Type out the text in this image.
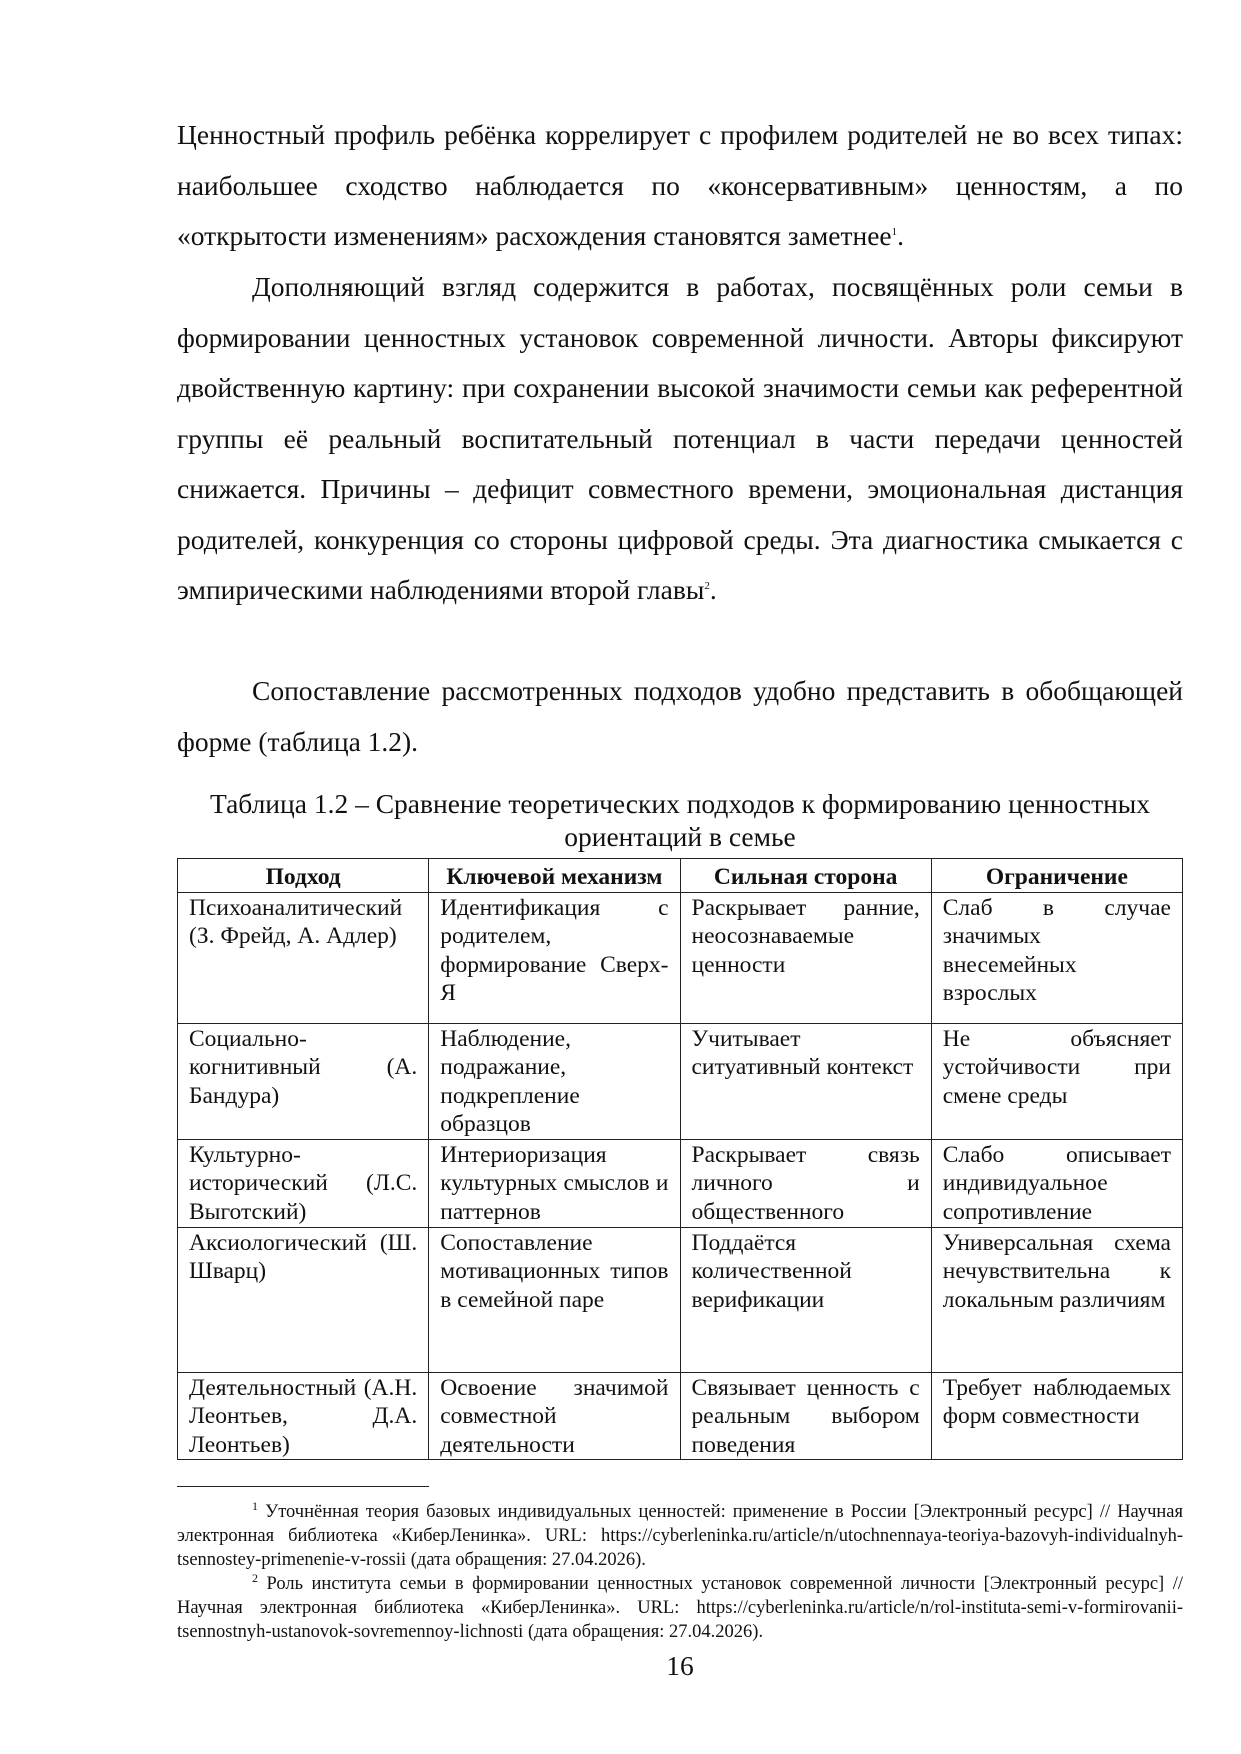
Ценностный профиль ребёнка коррелирует с профилем родителей не во всех типах: наибольшее сходство наблюдается по «консервативным» ценностям, а по «открытости изменениям» расхождения становятся заметнее$^1$.

Дополняющий взгляд содержится в работах, посвящённых роли семьи в формировании ценностных установок современной личности. Авторы фиксируют двойственную картину: при сохранении высокой значимости семьи как референтной группы её реальный воспитательный потенциал в части передачи ценностей снижается. Причины – дефицит совместного времени, эмоциональная дистанция родителей, конкуренция со стороны цифровой среды. Эта диагностика смыкается с эмпирическими наблюдениями второй главы$^2$.

Сопоставление рассмотренных подходов удобно представить в обобщающей форме (таблица 1.2).

Таблица 1.2 – Сравнение теоретических подходов к формированию ценностных ориентаций в семье
Подход	Ключевой механизм	Сильная сторона	Ограничение
Психоаналитический (З. Фрейд, А. Адлер)	Идентификация с родителем, формирование Сверх-Я	Раскрывает ранние, неосознаваемые ценности	Слаб в случае значимых внесемейных взрослых
Социально-когнитивный (А. Бандура)	Наблюдение, подражание, подкрепление образцов	Учитывает ситуативный контекст	Не объясняет устойчивости при смене среды
Культурно-исторический (Л.С. Выготский)	Интериоризация культурных смыслов и паттернов	Раскрывает связь личного и общественного	Слабо описывает индивидуальное сопротивление
Аксиологический (Ш. Шварц)	Сопоставление мотивационных типов в семейной паре	Поддаётся количественной верификации	Универсальная схема нечувствительна к локальным различиям
Деятельностный (А.Н. Леонтьев, Д.А. Леонтьев)	Освоение значимой совместной деятельности	Связывает ценность с реальным выбором поведения	Требует наблюдаемых форм совместности

$^1$ Уточнённая теория базовых индивидуальных ценностей: применение в России [Электронный ресурс] // Научная электронная библиотека «КиберЛенинка». URL: https://cyberleninka.ru/article/n/utochnennaya-teoriya-bazovyh-individualnyh-tsennostey-primenenie-v-rossii (дата обращения: 27.04.2026).

$^2$ Роль института семьи в формировании ценностных установок современной личности [Электронный ресурс] // Научная электронная библиотека «КиберЛенинка». URL: https://cyberleninka.ru/article/n/rol-instituta-semi-v-formirovanii-tsennostnyh-ustanovok-sovremennoy-lichnosti (дата обращения: 27.04.2026).

16
